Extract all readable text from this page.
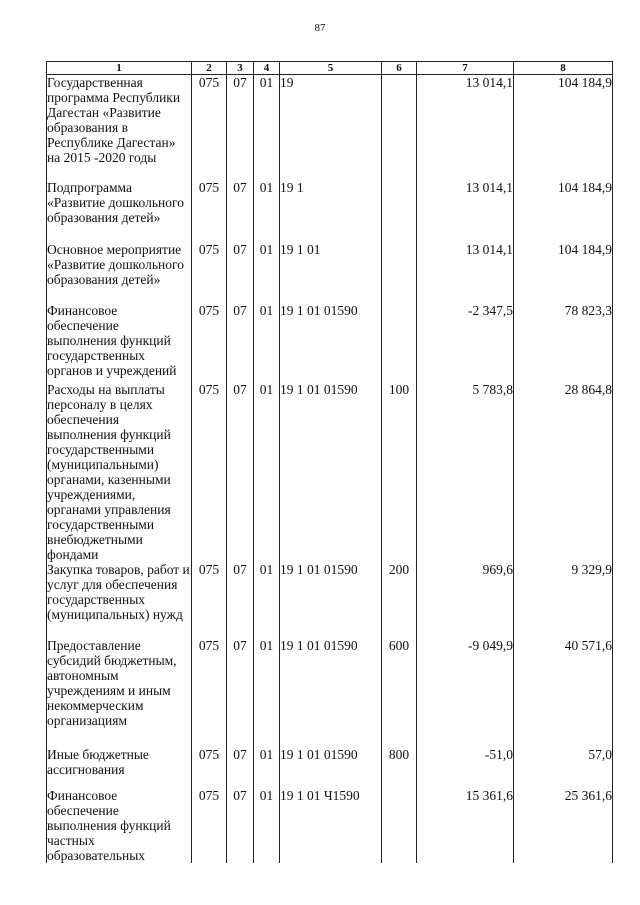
87
1	2	3	4	5	6	7	8
Государственная программа Республики Дагестан «Развитие образования в Республике Дагестан» на 2015 -2020 годы	075	07	01	19		13 014,1	104 184,9
Подпрограмма «Развитие дошкольного образования детей»	075	07	01	19 1		13 014,1	104 184,9
Основное мероприятие «Развитие дошкольного образования детей»	075	07	01	19 1 01		13 014,1	104 184,9
Финансовое обеспечение выполнения функций государственных органов и учреждений	075	07	01	19 1 01 01590		-2 347,5	78 823,3
Расходы на выплаты персоналу в целях обеспечения выполнения функций государственными (муниципальными) органами, казенными учреждениями, органами управления государственными внебюджетными фондами	075	07	01	19 1 01 01590	100	5 783,8	28 864,8
Закупка товаров, работ и услуг для обеспечения государственных (муниципальных) нужд	075	07	01	19 1 01 01590	200	969,6	9 329,9
Предоставление субсидий бюджетным, автономным учреждениям и иным некоммерческим организациям	075	07	01	19 1 01 01590	600	-9 049,9	40 571,6
Иные бюджетные ассигнования	075	07	01	19 1 01 01590	800	-51,0	57,0
Финансовое обеспечение выполнения функций частных образовательных	075	07	01	19 1 01 Ч1590		15 361,6	25 361,6
